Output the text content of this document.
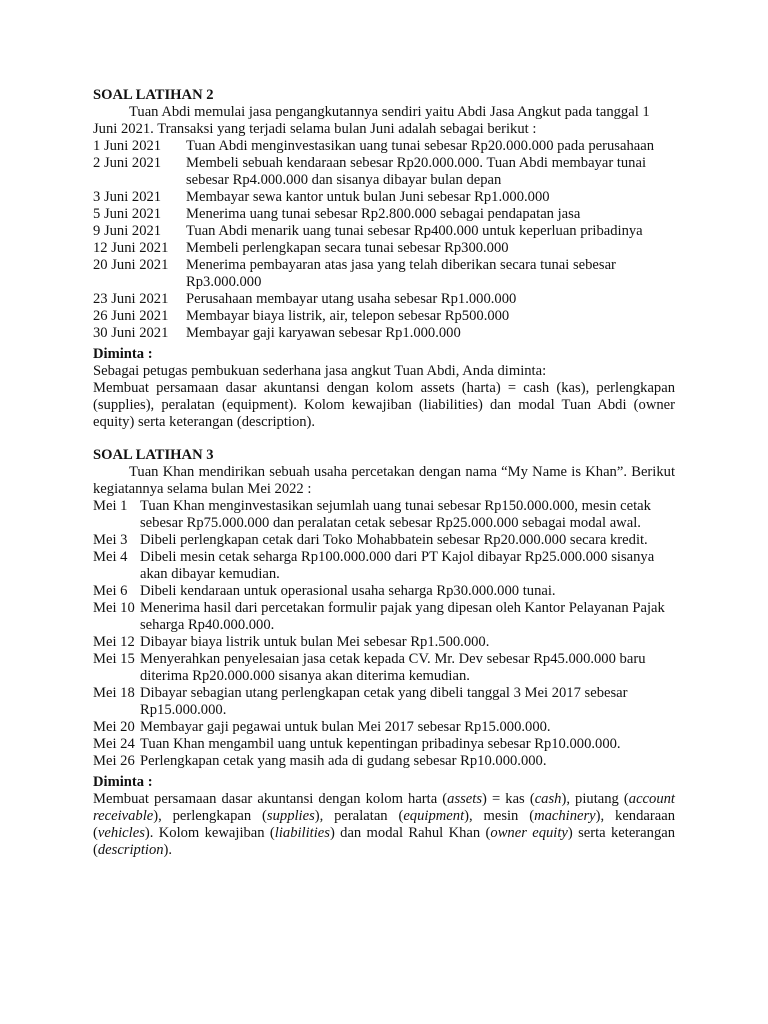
SOAL LATIHAN 2

Tuan Abdi memulai jasa pengangkutannya sendiri yaitu Abdi Jasa Angkut pada tanggal 1 Juni 2021. Transaksi yang terjadi selama bulan Juni adalah sebagai berikut :

1 Juni 2021	Tuan Abdi menginvestasikan uang tunai sebesar Rp20.000.000 pada perusahaan
2 Juni 2021	Membeli sebuah kendaraan sebesar Rp20.000.000. Tuan Abdi membayar tunai sebesar Rp4.000.000 dan sisanya dibayar bulan depan
3 Juni 2021	Membayar sewa kantor untuk bulan Juni sebesar Rp1.000.000
5 Juni 2021	Menerima uang tunai sebesar Rp2.800.000 sebagai pendapatan jasa
9 Juni 2021	Tuan Abdi menarik uang tunai sebesar Rp400.000 untuk keperluan pribadinya
12 Juni 2021	Membeli perlengkapan secara tunai sebesar Rp300.000
20 Juni 2021	Menerima pembayaran atas jasa yang telah diberikan secara tunai sebesar Rp3.000.000
23 Juni 2021	Perusahaan membayar utang usaha sebesar Rp1.000.000
26 Juni 2021	Membayar biaya listrik, air, telepon sebesar Rp500.000
30 Juni 2021	Membayar gaji karyawan sebesar Rp1.000.000

Diminta :

Sebagai petugas pembukuan sederhana jasa angkut Tuan Abdi, Anda diminta:

Membuat persamaan dasar akuntansi dengan kolom assets (harta) = cash (kas), perlengkapan (supplies), peralatan (equipment). Kolom kewajiban (liabilities) dan modal Tuan Abdi (owner equity) serta keterangan (description).

SOAL LATIHAN 3

Tuan Khan mendirikan sebuah usaha percetakan dengan nama “My Name is Khan”. Berikut kegiatannya selama bulan Mei 2022 :

Mei 1 Tuan Khan menginvestasikan sejumlah uang tunai sebesar Rp150.000.000, mesin cetak sebesar Rp75.000.000 dan peralatan cetak sebesar Rp25.000.000 sebagai modal awal.
Mei 3 Dibeli perlengkapan cetak dari Toko Mohabbatein sebesar Rp20.000.000 secara kredit.
Mei 4 Dibeli mesin cetak seharga Rp100.000.000 dari PT Kajol dibayar Rp25.000.000 sisanya akan dibayar kemudian.
Mei 6 Dibeli kendaraan untuk operasional usaha seharga Rp30.000.000 tunai.
Mei 10 Menerima hasil dari percetakan formulir pajak yang dipesan oleh Kantor Pelayanan Pajak seharga Rp40.000.000.
Mei 12 Dibayar biaya listrik untuk bulan Mei sebesar Rp1.500.000.
Mei 15 Menyerahkan penyelesaian jasa cetak kepada CV. Mr. Dev sebesar Rp45.000.000 baru diterima Rp20.000.000 sisanya akan diterima kemudian.
Mei 18 Dibayar sebagian utang perlengkapan cetak yang dibeli tanggal 3 Mei 2017 sebesar Rp15.000.000.
Mei 20 Membayar gaji pegawai untuk bulan Mei 2017 sebesar Rp15.000.000.
Mei 24 Tuan Khan mengambil uang untuk kepentingan pribadinya sebesar Rp10.000.000.
Mei 26 Perlengkapan cetak yang masih ada di gudang sebesar Rp10.000.000.

Diminta :

Membuat persamaan dasar akuntansi dengan kolom harta (assets) = kas (cash), piutang (account receivable), perlengkapan (supplies), peralatan (equipment), mesin (machinery), kendaraan (vehicles). Kolom kewajiban (liabilities) dan modal Rahul Khan (owner equity) serta keterangan (description).
